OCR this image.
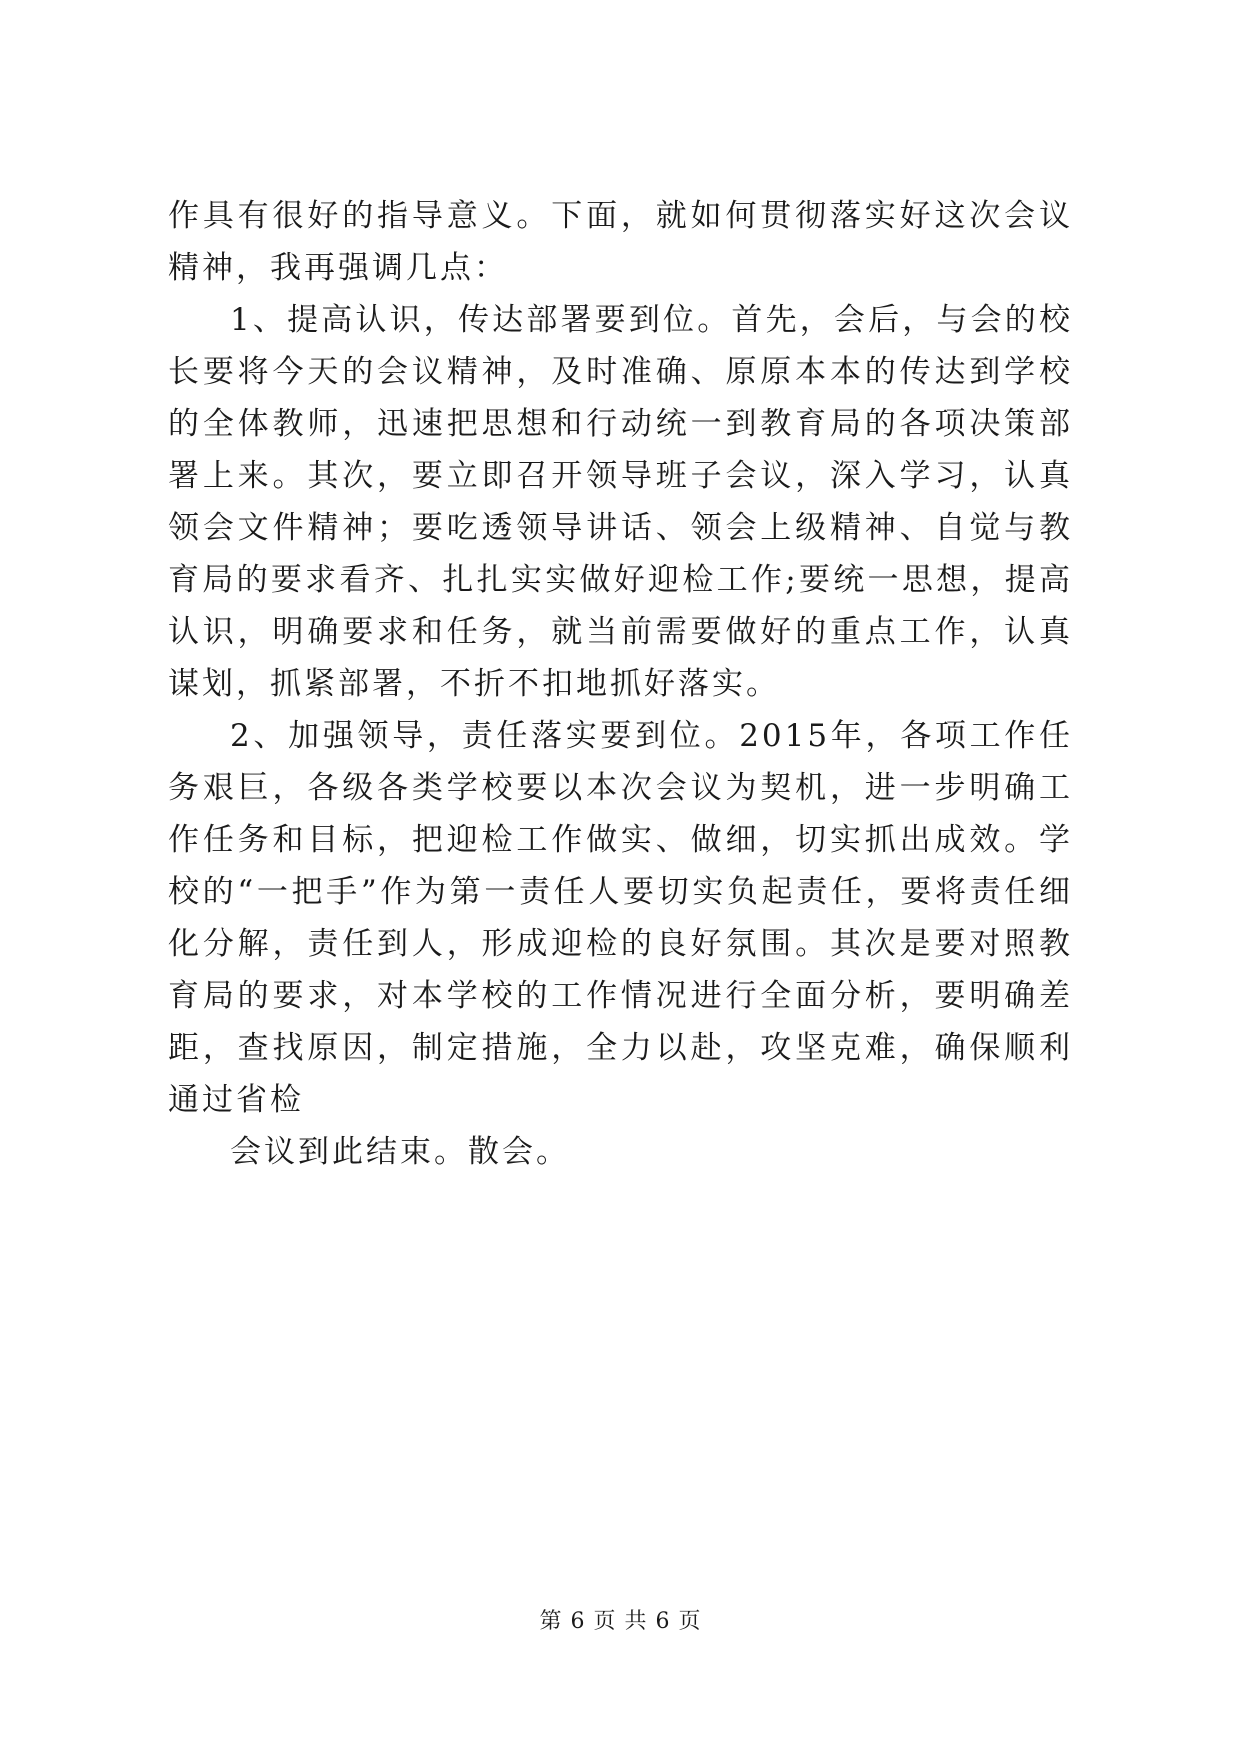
作具有很好的指导意义。下面，就如何贯彻落实好这次会议精神，我再强调几点：

1、提高认识，传达部署要到位。首先，会后，与会的校长要将今天的会议精神，及时准确、原原本本的传达到学校的全体教师，迅速把思想和行动统一到教育局的各项决策部署上来。其次，要立即召开领导班子会议，深入学习，认真领会文件精神；要吃透领导讲话、领会上级精神、自觉与教育局的要求看齐、扎扎实实做好迎检工作;要统一思想，提高认识，明确要求和任务，就当前需要做好的重点工作，认真谋划，抓紧部署，不折不扣地抓好落实。

2、加强领导，责任落实要到位。2015年，各项工作任务艰巨，各级各类学校要以本次会议为契机，进一步明确工作任务和目标，把迎检工作做实、做细，切实抓出成效。学校的“一把手”作为第一责任人要切实负起责任，要将责任细化分解，责任到人，形成迎检的良好氛围。其次是要对照教育局的要求，对本学校的工作情况进行全面分析，要明确差距，查找原因，制定措施，全力以赴，攻坚克难，确保顺利通过省检

会议到此结束。散会。

第 6 页 共 6 页
